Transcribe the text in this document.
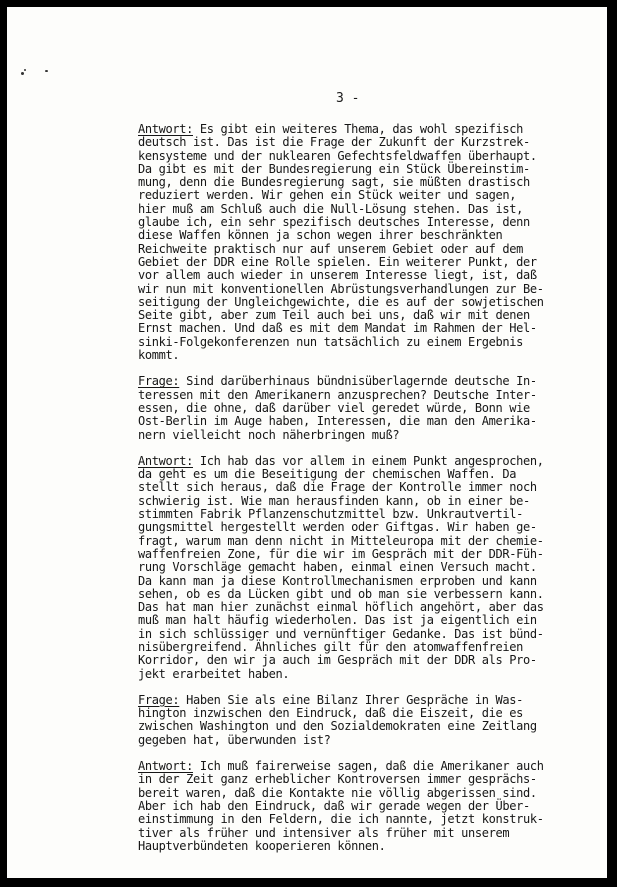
3 -
Antwort: Es gibt ein weiteres Thema, das wohl spezifisch
deutsch ist. Das ist die Frage der Zukunft der Kurzstrek-
kensysteme und der nuklearen Gefechtsfeldwaffen überhaupt.
Da gibt es mit der Bundesregierung ein Stück Übereinstim-
mung, denn die Bundesregierung sagt, sie müßten drastisch
reduziert werden. Wir gehen ein Stück weiter und sagen,
hier muß am Schluß auch die Null-Lösung stehen. Das ist,
glaube ich, ein sehr spezifisch deutsches Interesse, denn
diese Waffen können ja schon wegen ihrer beschränkten
Reichweite praktisch nur auf unserem Gebiet oder auf dem
Gebiet der DDR eine Rolle spielen. Ein weiterer Punkt, der
vor allem auch wieder in unserem Interesse liegt, ist, daß
wir nun mit konventionellen Abrüstungsverhandlungen zur Be-
seitigung der Ungleichgewichte, die es auf der sowjetischen
Seite gibt, aber zum Teil auch bei uns, daß wir mit denen
Ernst machen. Und daß es mit dem Mandat im Rahmen der Hel-
sinki-Folgekonferenzen nun tatsächlich zu einem Ergebnis
kommt.
Frage: Sind darüberhinaus bündnisüberlagernde deutsche In-
teressen mit den Amerikanern anzusprechen? Deutsche Inter-
essen, die ohne, daß darüber viel geredet würde, Bonn wie
Ost-Berlin im Auge haben, Interessen, die man den Amerika-
nern vielleicht noch näherbringen muß?
Antwort: Ich hab das vor allem in einem Punkt angesprochen,
da geht es um die Beseitigung der chemischen Waffen. Da
stellt sich heraus, daß die Frage der Kontrolle immer noch
schwierig ist. Wie man herausfinden kann, ob in einer be-
stimmten Fabrik Pflanzenschutzmittel bzw. Unkrautvertil-
gungsmittel hergestellt werden oder Giftgas. Wir haben ge-
fragt, warum man denn nicht in Mitteleuropa mit der chemie-
waffenfreien Zone, für die wir im Gespräch mit der DDR-Füh-
rung Vorschläge gemacht haben, einmal einen Versuch macht.
Da kann man ja diese Kontrollmechanismen erproben und kann
sehen, ob es da Lücken gibt und ob man sie verbessern kann.
Das hat man hier zunächst einmal höflich angehört, aber das
muß man halt häufig wiederholen. Das ist ja eigentlich ein
in sich schlüssiger und vernünftiger Gedanke. Das ist bünd-
nisübergreifend. Ähnliches gilt für den atomwaffenfreien
Korridor, den wir ja auch im Gespräch mit der DDR als Pro-
jekt erarbeitet haben.
Frage: Haben Sie als eine Bilanz Ihrer Gespräche in Was-
hington inzwischen den Eindruck, daß die Eiszeit, die es
zwischen Washington und den Sozialdemokraten eine Zeitlang
gegeben hat, überwunden ist?
Antwort: Ich muß fairerweise sagen, daß die Amerikaner auch
in der Zeit ganz erheblicher Kontroversen immer gesprächs-
bereit waren, daß die Kontakte nie völlig abgerissen sind.
Aber ich hab den Eindruck, daß wir gerade wegen der Über-
einstimmung in den Feldern, die ich nannte, jetzt konstruk-
tiver als früher und intensiver als früher mit unserem
Hauptverbündeten kooperieren können.
